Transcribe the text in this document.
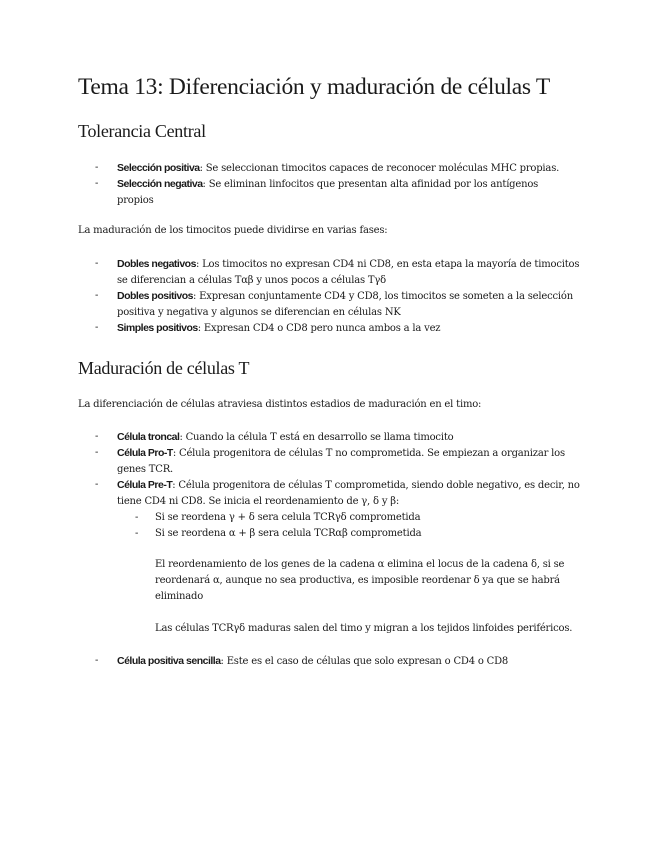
Tema 13: Diferenciación y maduración de células T
Tolerancia Central
- Selección positiva: Se seleccionan timocitos capaces de reconocer moléculas MHC propias.
- Selección negativa: Se eliminan linfocitos que presentan alta afinidad por los antígenos propios
La maduración de los timocitos puede dividirse en varias fases:
- Dobles negativos: Los timocitos no expresan CD4 ni CD8, en esta etapa la mayoría de timocitos se diferencian a células Tαβ y unos pocos a células Tγδ
- Dobles positivos: Expresan conjuntamente CD4 y CD8, los timocitos se someten a la selección positiva y negativa y algunos se diferencian en células NK
- Simples positivos: Expresan CD4 o CD8 pero nunca ambos a la vez
Maduración de células T
La diferenciación de células atraviesa distintos estadios de maduración en el timo:
- Célula troncal: Cuando la célula T está en desarrollo se llama timocito
- Célula Pro-T: Célula progenitora de células T no comprometida. Se empiezan a organizar los genes TCR.
- Célula Pre-T: Célula progenitora de células T comprometida, siendo doble negativo, es decir, no tiene CD4 ni CD8. Se inicia el reordenamiento de γ, δ y β:
- Si se reordena γ + δ sera celula TCRγδ comprometida
- Si se reordena α + β sera celula TCRαβ comprometida
El reordenamiento de los genes de la cadena α elimina el locus de la cadena δ, si se reordenará α, aunque no sea productiva, es imposible reordenar δ ya que se habrá eliminado
Las células TCRγδ maduras salen del timo y migran a los tejidos linfoides periféricos.
- Célula positiva sencilla: Este es el caso de células que solo expresan o CD4 o CD8
